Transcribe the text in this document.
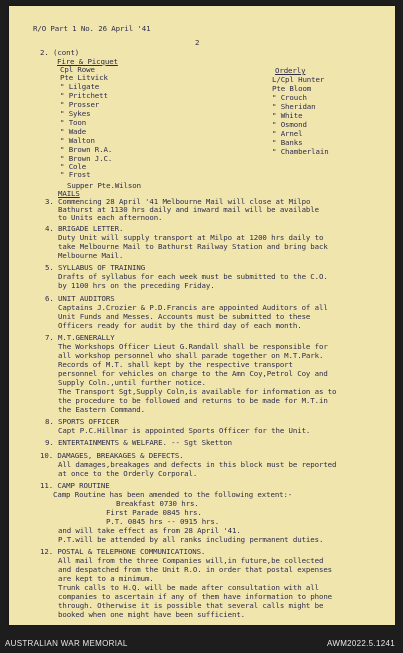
R/O Part 1 No. 26 April '41
2
2. (cont)
Fire & Picquet
Cpl Rowe
Pte Litvick
" Lilgate
" Pritchett
" Prosser
" Sykes
" Toon
" Wade
" Walton
" Brown R.A.
" Brown J.C.
" Cole
" Frost
Orderly
L/Cpl Hunter
Pte Bloom
" Crouch
" Sheridan
" White
" Osmond
" Arnel
" Banks
" Chamberlain
Supper Pte.Wilson
MAILS
3. Commencing 28 April '41 Melbourne Mail will close at Milpo
Bathurst at 1130 hrs daily and inward mail will be available
to Units each afternoon.
4. BRIGADE LETTER.
Duty Unit will supply transport at Milpo at 1200 hrs daily to
take Melbourne Mail to Bathurst Railway Station and bring back
Melbourne Mail.
5. SYLLABUS OF TRAINING
Drafts of syllabus for each week must be submitted to the C.O.
by 1100 hrs on the preceding Friday.
6. UNIT AUDITORS
Captains J.Crozier & P.D.Francis are appointed Auditors of all
Unit Funds and Messes. Accounts must be submitted to these
Officers ready for audit by the third day of each month.
7. M.T.GENERALLY
The Workshops Officer Lieut G.Randall shall be responsible for
all workshop personnel who shall parade together on M.T.Park.
Records of M.T. shall kept by the respective transport
personnel for vehicles on charge to the Amn Coy,Petrol Coy and
Supply Coln.,until further notice.
The Transport Sgt,Supply Coln,is available for information as to
the procedure to be followed and returns to be made for M.T.in
the Eastern Command.
8. SPORTS OFFICER
Capt P.C.Hillmar is appointed Sports Officer for the Unit.
9. ENTERTAINMENTS & WELFARE. -- Sgt Sketton
10. DAMAGES, BREAKAGES & DEFECTS.
All damages,breakages and defects in this block must be reported
at once to the Orderly Corporal.
11. CAMP ROUTINE
Camp Routine has been amended to the following extent:-
Breakfast 0730 hrs.
First Parade 0845 hrs.
P.T. 0845 hrs -- 0915 hrs.
and will take effect as from 28 April '41.
P.T.will be attended by all ranks including permanent duties.
12. POSTAL & TELEPHONE COMMUNICATIONS.
All mail from the three Companies will,in future,be collected
and despatched from the Unit R.O. in order that postal expenses
are kept to a minimum.
Trunk calls to H.Q. will be made after consultation with all
companies to ascertain if any of them have information to phone
through. Otherwise it is possible that several calls might be
booked when one might have been sufficient.
AUSTRALIAN WAR MEMORIAL	AWM2022.5.1241
